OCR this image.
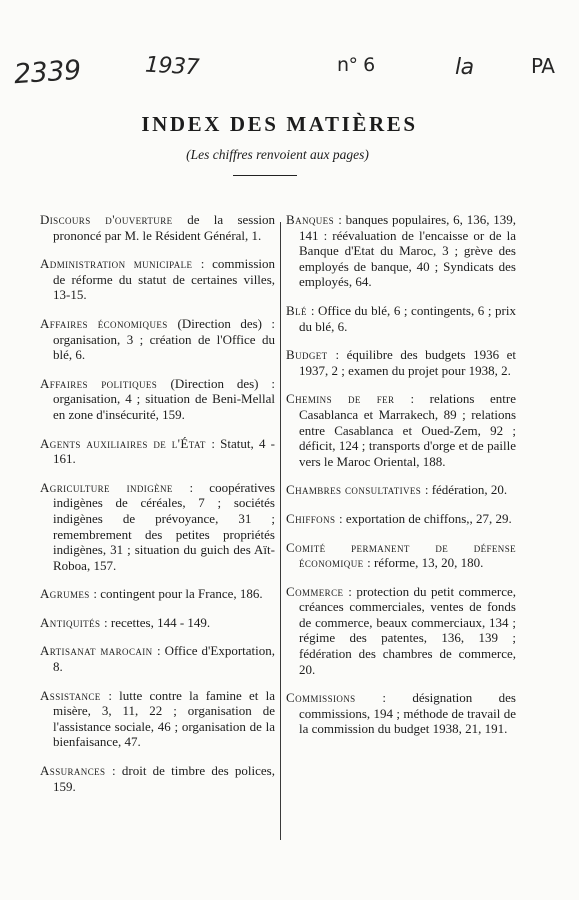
2339	1937	n° 6	la	PA
INDEX DES MATIÈRES
(Les chiffres renvoient aux pages)

Discours d'ouverture de la session prononcé par M. le Résident Général, 1.

Administration municipale : commission de réforme du statut de certaines villes, 13-15.

Affaires économiques (Direction des) : organisation, 3 ; création de l'Office du blé, 6.

Affaires politiques (Direction des) : organisation, 4 ; situation de Beni-Mellal en zone d'insécurité, 159.

Agents auxiliaires de l'État : Statut, 4 - 161.

Agriculture indigène : coopératives indigènes de céréales, 7 ; sociétés indigènes de prévoyance, 31 ; remembrement des petites propriétés indigènes, 31 ; situation du guich des Aït-Roboa, 157.

Agrumes : contingent pour la France, 186.

Antiquités : recettes, 144 - 149.

Artisanat marocain : Office d'Exportation, 8.

Assistance : lutte contre la famine et la misère, 3, 11, 22 ; organisation de l'assistance sociale, 46 ; organisation de la bienfaisance, 47.

Assurances : droit de timbre des polices, 159.

Banques : banques populaires, 6, 136, 139, 141 : réévaluation de l'encaisse or de la Banque d'Etat du Maroc, 3 ; grève des employés de banque, 40 ; Syndicats des employés, 64.

Blé : Office du blé, 6 ; contingents, 6 ; prix du blé, 6.

Budget : équilibre des budgets 1936 et 1937, 2 ; examen du projet pour 1938, 2.

Chemins de fer : relations entre Casablanca et Marrakech, 89 ; relations entre Casablanca et Oued-Zem, 92 ; déficit, 124 ; transports d'orge et de paille vers le Maroc Oriental, 188.

Chambres consultatives : fédération, 20.

Chiffons : exportation de chiffons,, 27, 29.

Comité permanent de défense économique : réforme, 13, 20, 180.

Commerce : protection du petit commerce, créances commerciales, ventes de fonds de commerce, beaux commerciaux, 134 ; régime des patentes, 136, 139 ; fédération des chambres de commerce, 20.

Commissions : désignation des commissions, 194 ; méthode de travail de la commission du budget 1938, 21, 191.
